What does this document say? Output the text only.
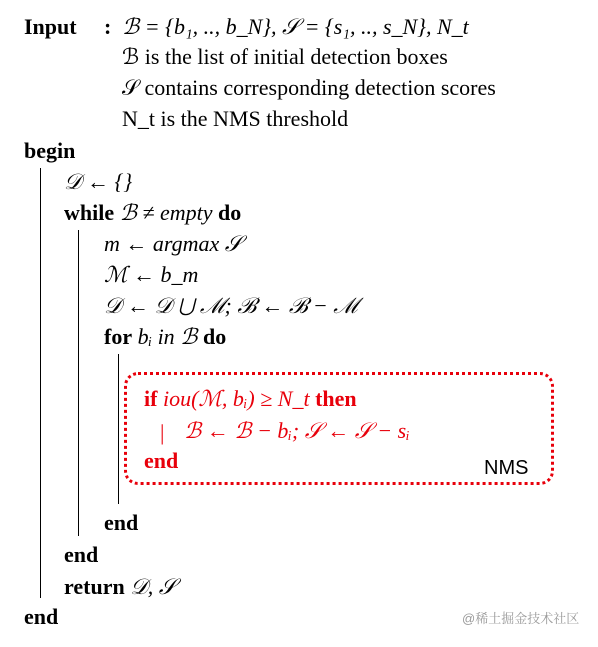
Input : ℬ = {b₁, .., b_N}, 𝒮 = {s₁, .., s_N}, N_t
ℬ is the list of initial detection boxes
𝒮 contains corresponding detection scores
N_t is the NMS threshold
begin
𝒟 ← {}
while ℬ ≠ empty do
m ← argmax 𝒮
ℳ ← b_m
𝒟 ← 𝒟 ⋃ ℳ; ℬ ← ℬ − ℳ
for bᵢ in ℬ do
if iou(ℳ, bᵢ) ≥ N_t then
| ℬ ← ℬ − bᵢ; 𝒮 ← 𝒮 − sᵢ
end	NMS
end
end
return 𝒟, 𝒮
end	@稀土掘金技术社区
